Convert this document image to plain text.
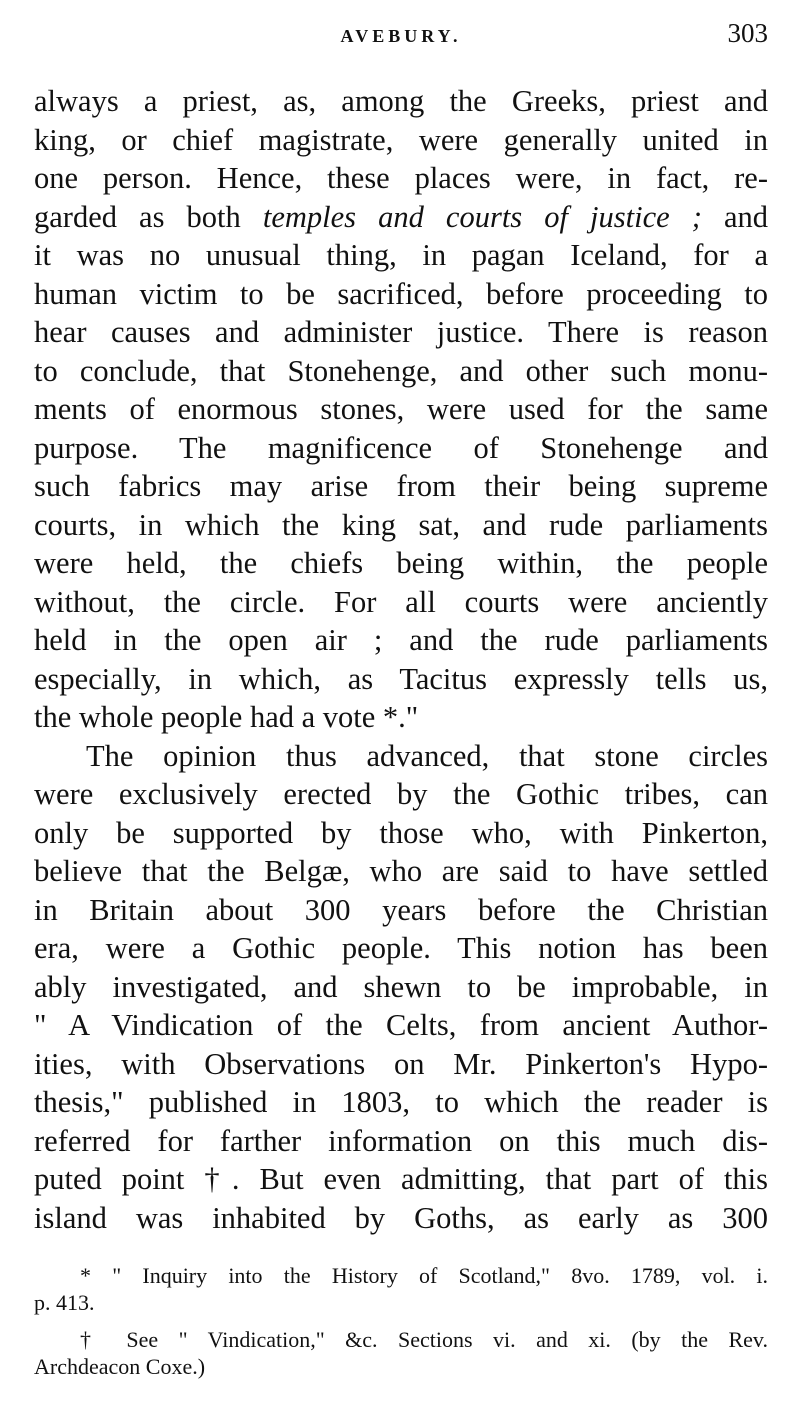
AVEBURY.	303
always a priest, as, among the Greeks, priest and
king, or chief magistrate, were generally united in
one person. Hence, these places were, in fact, re-
garded as both temples and courts of justice ; and
it was no unusual thing, in pagan Iceland, for a
human victim to be sacrificed, before proceeding to
hear causes and administer justice. There is reason
to conclude, that Stonehenge, and other such monu-
ments of enormous stones, were used for the same
purpose. The magnificence of Stonehenge and
such fabrics may arise from their being supreme
courts, in which the king sat, and rude parliaments
were held, the chiefs being within, the people
without, the circle. For all courts were anciently
held in the open air ; and the rude parliaments
especially, in which, as Tacitus expressly tells us,
the whole people had a vote *."
The opinion thus advanced, that stone circles
were exclusively erected by the Gothic tribes, can
only be supported by those who, with Pinkerton,
believe that the Belgæ, who are said to have settled
in Britain about 300 years before the Christian
era, were a Gothic people. This notion has been
ably investigated, and shewn to be improbable, in
" A Vindication of the Celts, from ancient Author-
ities, with Observations on Mr. Pinkerton's Hypo-
thesis," published in 1803, to which the reader is
referred for farther information on this much dis-
puted point †. But even admitting, that part of this
island was inhabited by Goths, as early as 300
* " Inquiry into the History of Scotland," 8vo. 1789, vol. i.
p. 413.
† See " Vindication," &c. Sections vi. and xi. (by the Rev.
Archdeacon Coxe.)
